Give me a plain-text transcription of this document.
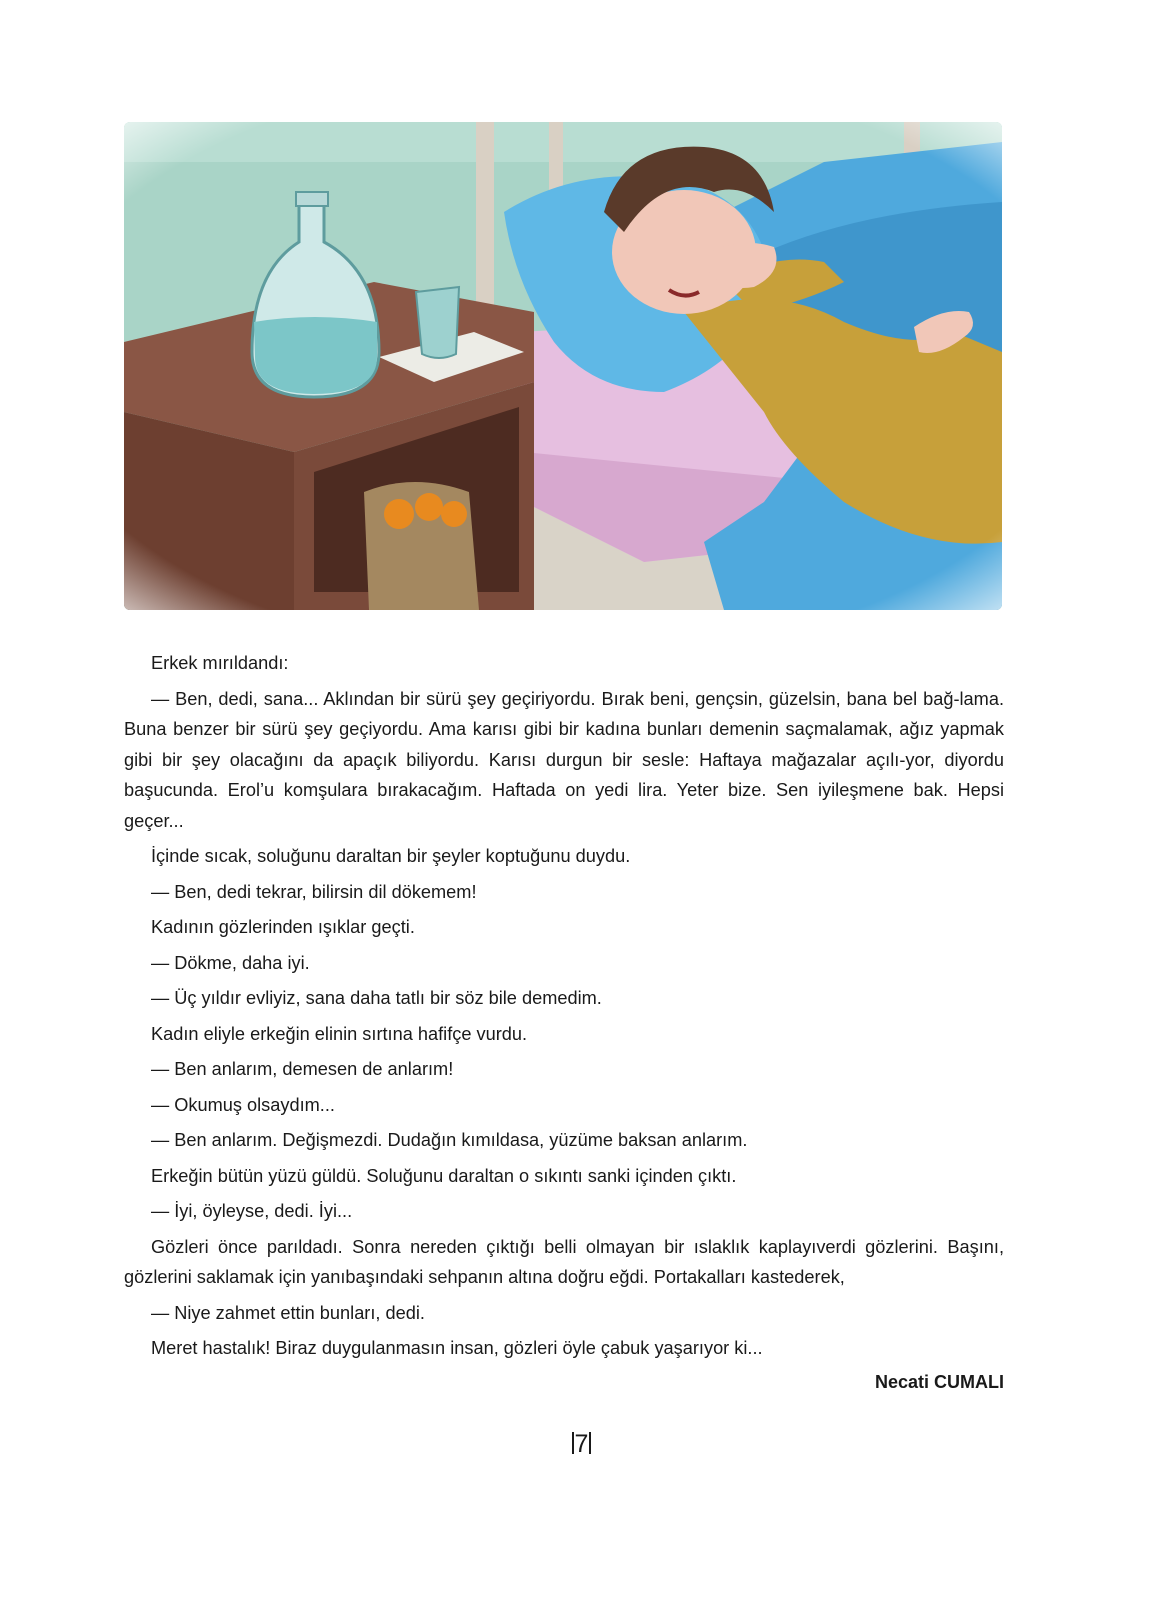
Erkek mırıldandı:

— Ben, dedi, sana... Aklından bir sürü şey geçiriyordu. Bırak beni, gençsin, güzelsin, bana bel bağ-lama. Buna benzer bir sürü şey geçiyordu. Ama karısı gibi bir kadına bunları demenin saçmalamak, ağız yapmak gibi bir şey olacağını da apaçık biliyordu. Karısı durgun bir sesle: Haftaya mağazalar açılı-yor, diyordu başucunda. Erol’u komşulara bırakacağım. Haftada on yedi lira. Yeter bize. Sen iyileşmene bak. Hepsi geçer...

İçinde sıcak, soluğunu daraltan bir şeyler koptuğunu duydu.

— Ben, dedi tekrar, bilirsin dil dökemem!

Kadının gözlerinden ışıklar geçti.

— Dökme, daha iyi.

— Üç yıldır evliyiz, sana daha tatlı bir söz bile demedim.

Kadın eliyle erkeğin elinin sırtına hafifçe vurdu.

— Ben anlarım, demesen de anlarım!

— Okumuş olsaydım...

— Ben anlarım. Değişmezdi. Dudağın kımıldasa, yüzüme baksan anlarım.

Erkeğin bütün yüzü güldü. Soluğunu daraltan o sıkıntı sanki içinden çıktı.

— İyi, öyleyse, dedi. İyi...

Gözleri önce parıldadı. Sonra nereden çıktığı belli olmayan bir ıslaklık kaplayıverdi gözlerini. Başını, gözlerini saklamak için yanıbaşındaki sehpanın altına doğru eğdi. Portakalları kastederek,

— Niye zahmet ettin bunları, dedi.

Meret hastalık! Biraz duygulanmasın insan, gözleri öyle çabuk yaşarıyor ki...

Necati CUMALI
7
